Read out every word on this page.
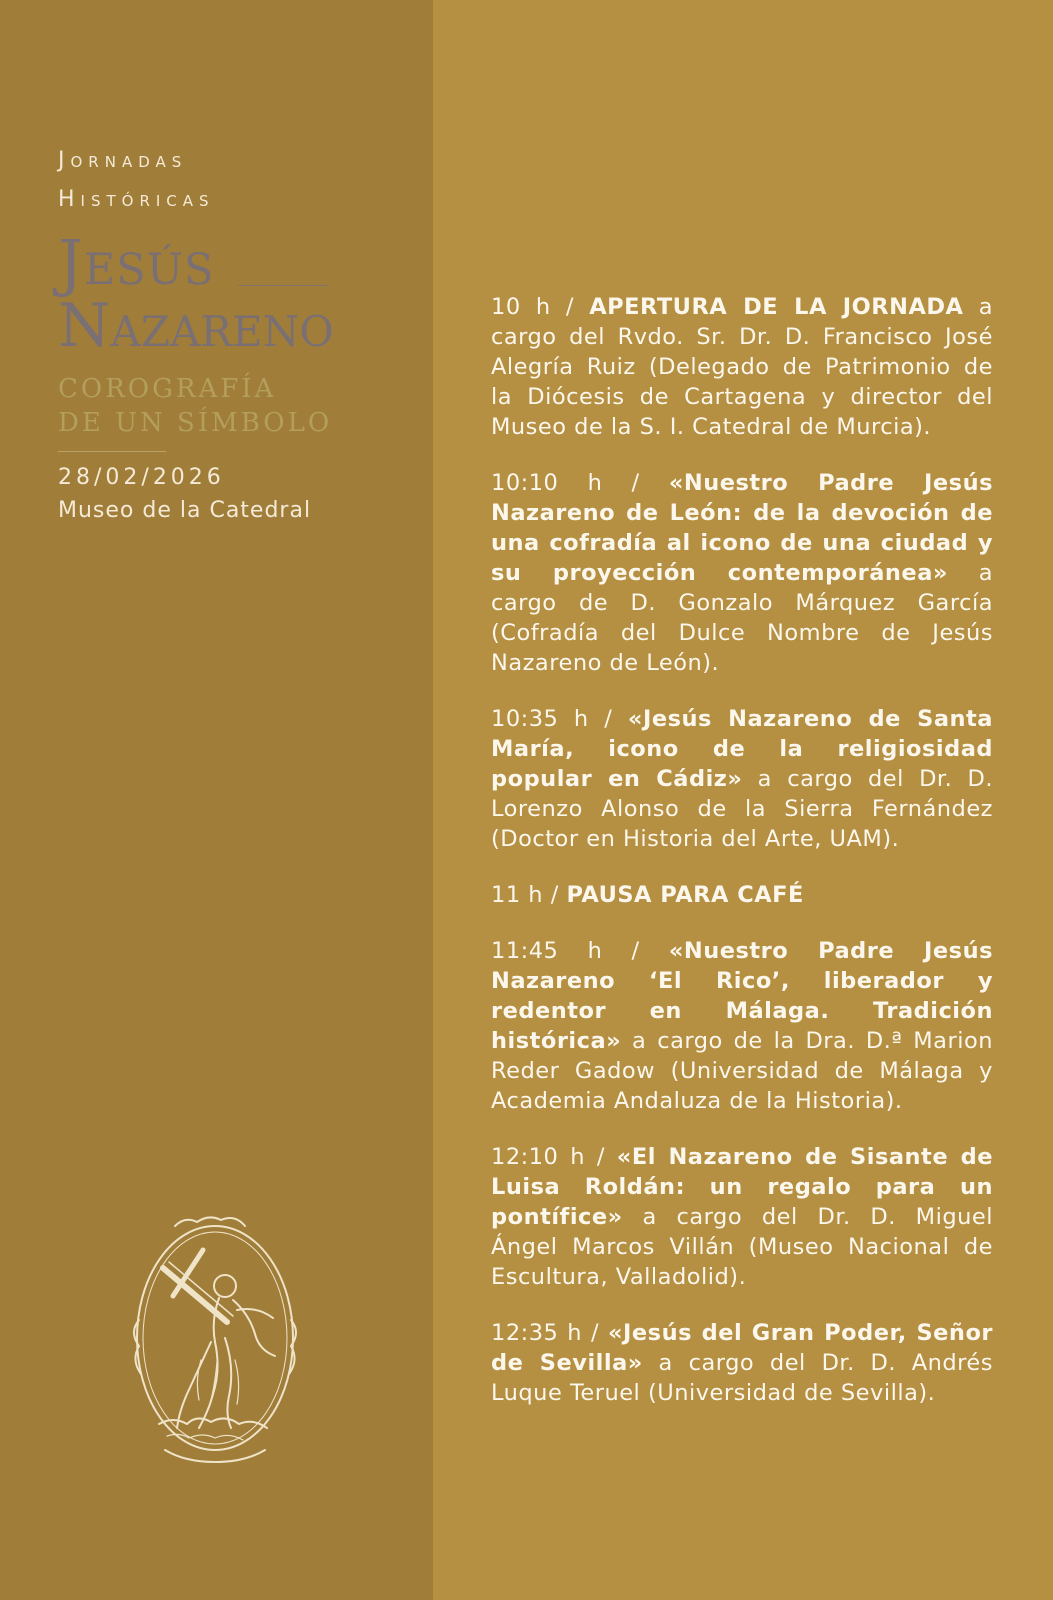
Jornadas
Históricas
Jesús
Nazareno
COROGRAFÍA
DE UN SÍMBOLO
28/02/2026
Museo de la Catedral

10 h / APERTURA DE LA JORNADA a cargo del Rvdo. Sr. Dr. D. Francisco José Alegría Ruiz (Delegado de Patrimonio de la Diócesis de Cartagena y director del Museo de la S. I. Catedral de Murcia).

10:10 h / «Nuestro Padre Jesús Nazareno de León: de la devoción de una cofradía al icono de una ciudad y su proyección contemporánea» a cargo de D. Gonzalo Márquez García (Cofradía del Dulce Nombre de Jesús Nazareno de León).

10:35 h / «Jesús Nazareno de Santa María, icono de la religiosidad popular en Cádiz» a cargo del Dr. D. Lorenzo Alonso de la Sierra Fernández (Doctor en Historia del Arte, UAM).

11 h / PAUSA PARA CAFÉ

11:45 h / «Nuestro Padre Jesús Nazareno ‘El Rico’, liberador y redentor en Málaga. Tradición histórica» a cargo de la Dra. D.ª Marion Reder Gadow (Universidad de Málaga y Academia Andaluza de la Historia).

12:10 h / «El Nazareno de Sisante de Luisa Roldán: un regalo para un pontífice» a cargo del Dr. D. Miguel Ángel Marcos Villán (Museo Nacional de Escultura, Valladolid).

12:35 h / «Jesús del Gran Poder, Señor de Sevilla» a cargo del Dr. D. Andrés Luque Teruel (Universidad de Sevilla).
